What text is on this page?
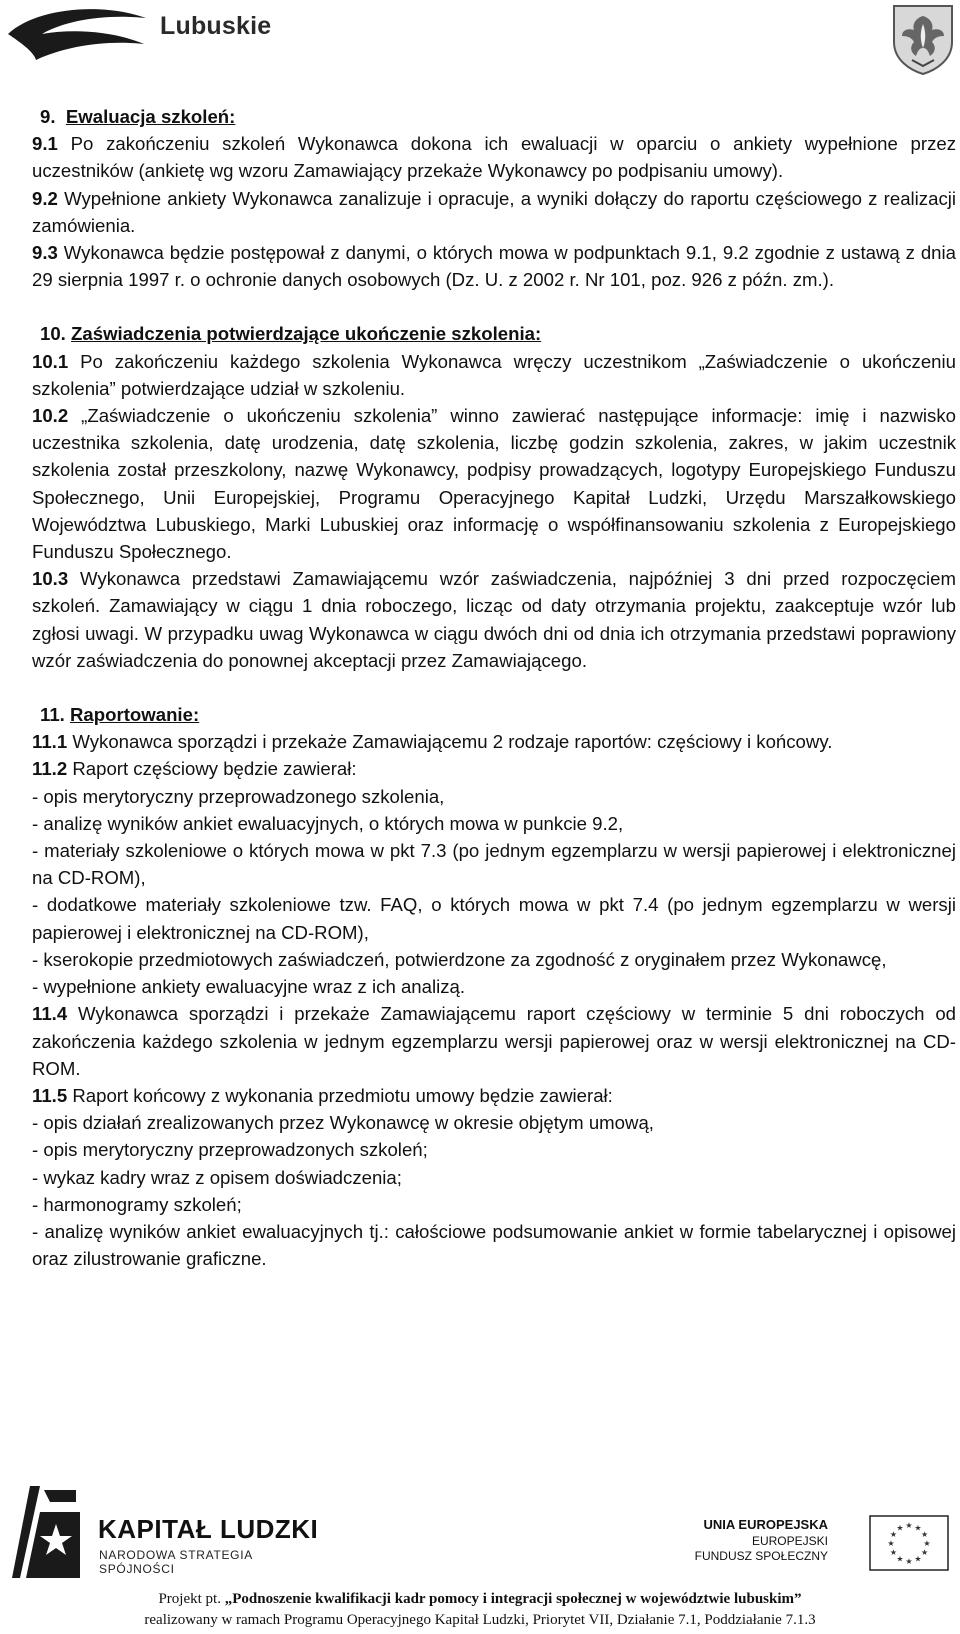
Lubuskie

9. Ewaluacja szkoleń:

9.1 Po zakończeniu szkoleń Wykonawca dokona ich ewaluacji w oparciu o ankiety wypełnione przez uczestników (ankietę wg wzoru Zamawiający przekaże Wykonawcy po podpisaniu umowy).

9.2 Wypełnione ankiety Wykonawca zanalizuje i opracuje, a wyniki dołączy do raportu częściowego z realizacji zamówienia.

9.3 Wykonawca będzie postępował z danymi, o których mowa w podpunktach 9.1, 9.2 zgodnie z ustawą z dnia 29 sierpnia 1997 r. o ochronie danych osobowych (Dz. U. z 2002 r. Nr 101, poz. 926 z późn. zm.).

10. Zaświadczenia potwierdzające ukończenie szkolenia:

10.1 Po zakończeniu każdego szkolenia Wykonawca wręczy uczestnikom „Zaświadczenie o ukończeniu szkolenia” potwierdzające udział w szkoleniu.

10.2 „Zaświadczenie o ukończeniu szkolenia” winno zawierać następujące informacje: imię i nazwisko uczestnika szkolenia, datę urodzenia, datę szkolenia, liczbę godzin szkolenia, zakres, w jakim uczestnik szkolenia został przeszkolony, nazwę Wykonawcy, podpisy prowadzących, logotypy Europejskiego Funduszu Społecznego, Unii Europejskiej, Programu Operacyjnego Kapitał Ludzki, Urzędu Marszałkowskiego Województwa Lubuskiego, Marki Lubuskiej oraz informację o współfinansowaniu szkolenia z Europejskiego Funduszu Społecznego.

10.3 Wykonawca przedstawi Zamawiającemu wzór zaświadczenia, najpóźniej 3 dni przed rozpoczęciem szkoleń. Zamawiający w ciągu 1 dnia roboczego, licząc od daty otrzymania projektu, zaakceptuje wzór lub zgłosi uwagi. W przypadku uwag Wykonawca w ciągu dwóch dni od dnia ich otrzymania przedstawi poprawiony wzór zaświadczenia do ponownej akceptacji przez Zamawiającego.

11. Raportowanie:

11.1 Wykonawca sporządzi i przekaże Zamawiającemu 2 rodzaje raportów: częściowy i końcowy.

11.2 Raport częściowy będzie zawierał:

- opis merytoryczny przeprowadzonego szkolenia,

- analizę wyników ankiet ewaluacyjnych, o których mowa w punkcie 9.2,

- materiały szkoleniowe o których mowa w pkt 7.3 (po jednym egzemplarzu w wersji papierowej i elektronicznej na CD-ROM),

- dodatkowe materiały szkoleniowe tzw. FAQ, o których mowa w pkt 7.4 (po jednym egzemplarzu w wersji papierowej i elektronicznej na CD-ROM),

- kserokopie przedmiotowych zaświadczeń, potwierdzone za zgodność z oryginałem przez Wykonawcę,

- wypełnione ankiety ewaluacyjne wraz z ich analizą.

11.4 Wykonawca sporządzi i przekaże Zamawiającemu raport częściowy w terminie 5 dni roboczych od zakończenia każdego szkolenia w jednym egzemplarzu wersji papierowej oraz w wersji elektronicznej na CD-ROM.

11.5 Raport końcowy z wykonania przedmiotu umowy będzie zawierał:

- opis działań zrealizowanych przez Wykonawcę w okresie objętym umową,

- opis merytoryczny przeprowadzonych szkoleń;

- wykaz kadry wraz z opisem doświadczenia;

- harmonogramy szkoleń;

- analizę wyników ankiet ewaluacyjnych tj.: całościowe podsumowanie ankiet w formie tabelarycznej i opisowej oraz zilustrowanie graficzne.

KAPITAŁ LUDZKI
NARODOWA STRATEGIA SPÓJNOŚCI
UNIA EUROPEJSKA
EUROPEJSKI
FUNDUSZ SPOŁECZNY
★ ★
★
★
★
★
★
★
★
★
★
★
Projekt pt. „Podnoszenie kwalifikacji kadr pomocy i integracji społecznej w województwie lubuskim”
realizowany w ramach Programu Operacyjnego Kapitał Ludzki, Priorytet VII, Działanie 7.1, Poddziałanie 7.1.3
